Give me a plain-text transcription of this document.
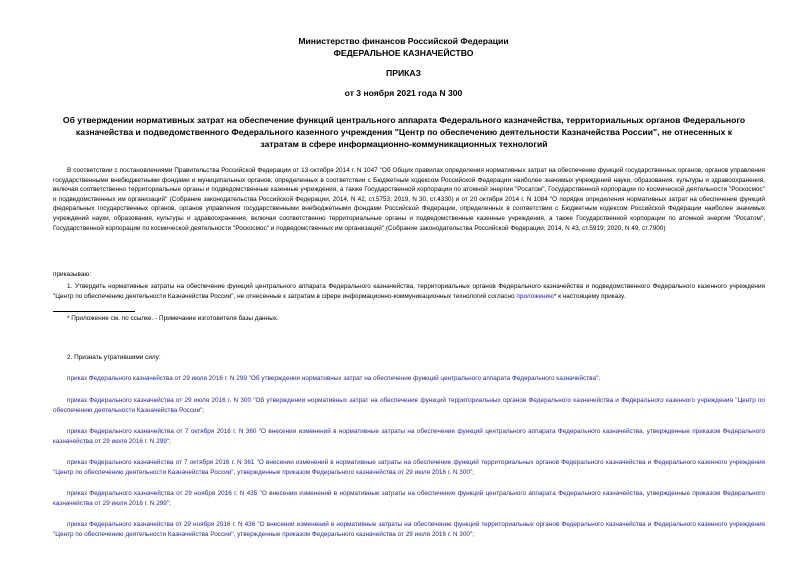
Министерство финансов Российской Федерации
ФЕДЕРАЛЬНОЕ КАЗНАЧЕЙСТВО
ПРИКАЗ
от 3 ноября 2021 года N 300
Об утверждении нормативных затрат на обеспечение функций центрального аппарата Федерального казначейства, территориальных органов Федерального казначейства и подведомственного Федерального казенного учреждения "Центр по обеспечению деятельности Казначейства России", не отнесенных к затратам в сфере информационно-коммуникационных технологий
В соответствии с постановлениями Правительства Российской Федерации от 13 октября 2014 г. N 1047 "Об Общих правилах определения нормативных затрат на обеспечение функций государственных органов, органов управления государственными внебюджетными фондами и муниципальных органов, определенных в соответствии с Бюджетным кодексом Российской Федерации наиболее значимых учреждений науки, образования, культуры и здравоохранения, включая соответственно территориальные органы и подведомственные казенные учреждения, а также Государственной корпорации по атомной энергии "Росатом", Государственной корпорации по космической деятельности "Роскосмос" и подведомственных им организаций" (Собрание законодательства Российской Федерации, 2014, N 42, ст.5753; 2019, N 30, ст.4330) и от 20 октября 2014 г. N 1084 "О порядке определения нормативных затрат на обеспечение функций федеральных государственных органов, органов управления государственными внебюджетными фондами Российской Федерации, определенных в соответствии с Бюджетным кодексом Российской Федерации наиболее значимых учреждений науки, образования, культуры и здравоохранения, включая соответственно территориальные органы и подведомственные казенные учреждения, а также Государственной корпорации по атомной энергии "Росатом", Государственной корпорации по космической деятельности "Роскосмос" и подведомственных им организаций" (Собрание законодательства Российской Федерации, 2014, N 43, ст.5919; 2020, N 49, ст.7900)
приказываю:
1. Утвердить нормативные затраты на обеспечение функций центрального аппарата Федерального казначейства, территориальных органов Федерального казначейства и подведомственного Федерального казенного учреждения "Центр по обеспечению деятельности Казначейства России", не отнесенные к затратам в сфере информационно-коммуникационных технологий согласно приложению* к настоящему приказу.
* Приложение см. по ссылке. - Примечание изготовителя базы данных.
2. Признать утратившими силу:
приказ Федерального казначейства от 29 июля 2016 г. N 299 "Об утверждении нормативных затрат на обеспечение функций центрального аппарата Федерального казначейства";
приказ Федерального казначейства от 29 июля 2016 г. N 300 "Об утверждении нормативных затрат на обеспечение функций территориальных органов Федерального казначейства и Федерального казенного учреждения "Центр по обеспечению деятельности Казначейства России";
приказ Федерального казначейства от 7 октября 2016 г. N 360 "О внесении изменений в нормативные затраты на обеспечение функций центрального аппарата Федерального казначейства, утвержденные приказом Федерального казначейства от 29 июля 2016 г. N 299";
приказ Федерального казначейства от 7 октября 2016 г. N 361 "О внесении изменений в нормативные затраты на обеспечение функций территориальных органов Федерального казначейства и Федерального казенного учреждения "Центр по обеспечению деятельности Казначейства России", утвержденные приказом Федерального казначейства от 29 июля 2016 г. N 300";
приказ Федерального казначейства от 29 ноября 2016 г. N 435 "О внесении изменений в нормативные затраты на обеспечение функций центрального аппарата Федерального казначейства, утвержденные приказом Федерального казначейства от 29 июля 2016 г. N 299";
приказ Федерального казначейства от 29 ноября 2016 г. N 436 "О внесении изменений в нормативные затраты на обеспечение функций территориальных органов Федерального казначейства и Федерального казенного учреждения "Центр по обеспечению деятельности Казначейства России", утвержденные приказом Федерального казначейства от 29 июля 2016 г. N 300";
